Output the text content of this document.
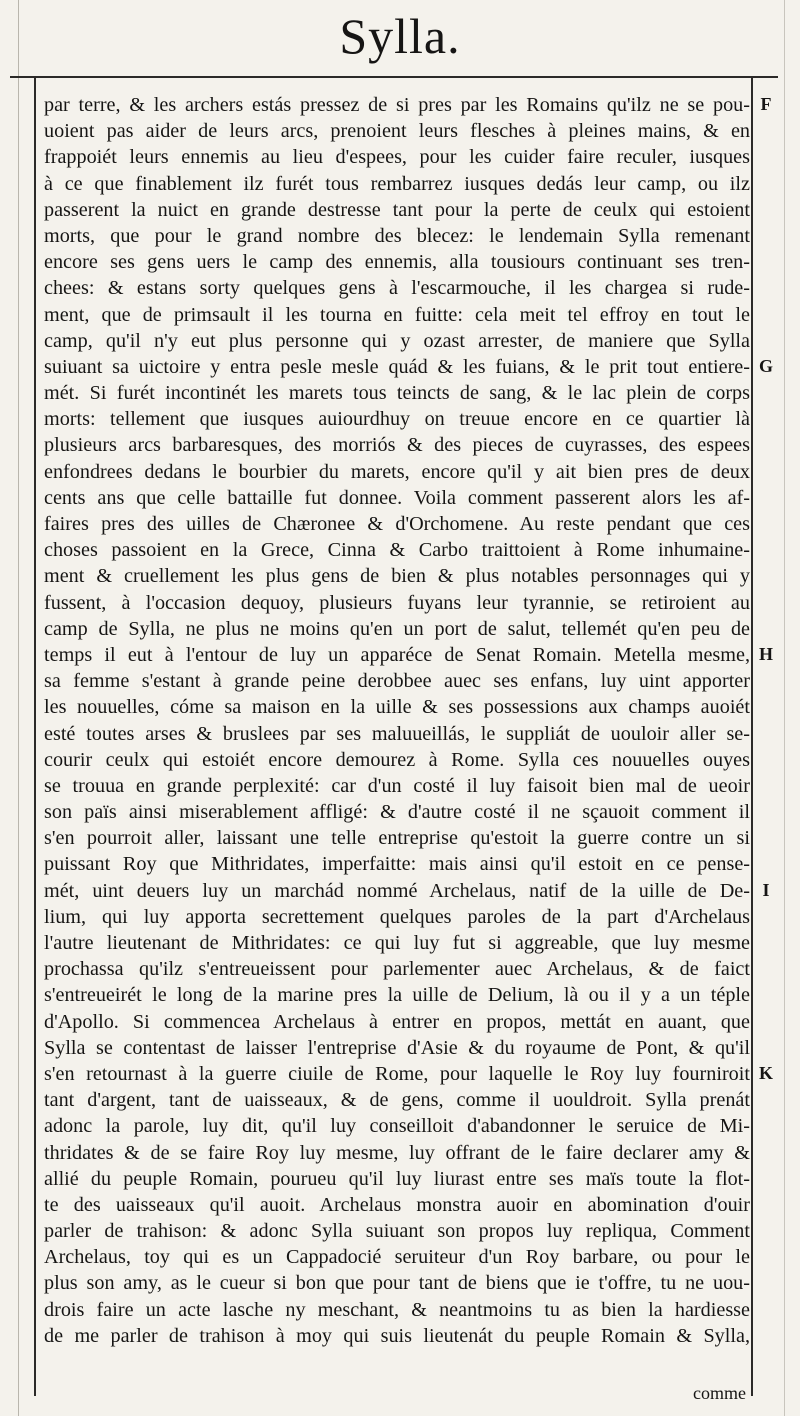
Sylla.
par terre, & les archers estás pressez de si pres par les Romains qu'ilz ne se pou-
uoient pas aider de leurs arcs, prenoient leurs flesches à pleines mains, & en
frappoiét leurs ennemis au lieu d'espees, pour les cuider faire reculer, iusques
à ce que finablement ilz furét tous rembarrez iusques dedás leur camp, ou ilz
passerent la nuict en grande destresse tant pour la perte de ceulx qui estoient
morts, que pour le grand nombre des blecez: le lendemain Sylla remenant
encore ses gens uers le camp des ennemis, alla tousiours continuant ses tren-
chees: & estans sorty quelques gens à l'escarmouche, il les chargea si rude-
ment, que de primsault il les tourna en fuitte: cela meit tel effroy en tout le
camp, qu'il n'y eut plus personne qui y ozast arrester, de maniere que Sylla
suiuant sa uictoire y entra pesle mesle quád & les fuians, & le prit tout entiere-
mét. Si furét incontinét les marets tous teincts de sang, & le lac plein de corps
morts: tellement que iusques auiourdhuy on treuue encore en ce quartier là
plusieurs arcs barbaresques, des morriós & des pieces de cuyrasses, des espees
enfondrees dedans le bourbier du marets, encore qu'il y ait bien pres de deux
cents ans que celle battaille fut donnee. Voila comment passerent alors les af-
faires pres des uilles de Chæronee & d'Orchomene. Au reste pendant que ces
choses passoient en la Grece, Cinna & Carbo traittoient à Rome inhumaine-
ment & cruellement les plus gens de bien & plus notables personnages qui y
fussent, à l'occasion dequoy, plusieurs fuyans leur tyrannie, se retiroient au
camp de Sylla, ne plus ne moins qu'en un port de salut, tellemét qu'en peu de
temps il eut à l'entour de luy un apparéce de Senat Romain. Metella mesme,
sa femme s'estant à grande peine derobbee auec ses enfans, luy uint apporter
les nouuelles, cóme sa maison en la uille & ses possessions aux champs auoiét
esté toutes arses & bruslees par ses maluueillás, le suppliát de uouloir aller se-
courir ceulx qui estoiét encore demourez à Rome. Sylla ces nouuelles ouyes
se trouua en grande perplexité: car d'un costé il luy faisoit bien mal de ueoir
son païs ainsi miserablement affligé: & d'autre costé il ne sçauoit comment il
s'en pourroit aller, laissant une telle entreprise qu'estoit la guerre contre un si
puissant Roy que Mithridates, imperfaitte: mais ainsi qu'il estoit en ce pense-
mét, uint deuers luy un marchád nommé Archelaus, natif de la uille de De-
lium, qui luy apporta secrettement quelques paroles de la part d'Archelaus
l'autre lieutenant de Mithridates: ce qui luy fut si aggreable, que luy mesme
prochassa qu'ilz s'entreueissent pour parlementer auec Archelaus, & de faict
s'entreueirét le long de la marine pres la uille de Delium, là ou il y a un téple
d'Apollo. Si commencea Archelaus à entrer en propos, mettát en auant, que
Sylla se contentast de laisser l'entreprise d'Asie & du royaume de Pont, & qu'il
s'en retournast à la guerre ciuile de Rome, pour laquelle le Roy luy fourniroit
tant d'argent, tant de uaisseaux, & de gens, comme il uouldroit. Sylla prenát
adonc la parole, luy dit, qu'il luy conseilloit d'abandonner le seruice de Mi-
thridates & de se faire Roy luy mesme, luy offrant de le faire declarer amy &
allié du peuple Romain, pourueu qu'il luy liurast entre ses maïs toute la flot-
te des uaisseaux qu'il auoit. Archelaus monstra auoir en abomination d'ouir
parler de trahison: & adonc Sylla suiuant son propos luy repliqua, Comment
Archelaus, toy qui es un Cappadocié seruiteur d'un Roy barbare, ou pour le
plus son amy, as le cueur si bon que pour tant de biens que ie t'offre, tu ne uou-
drois faire un acte lasche ny meschant, & neantmoins tu as bien la hardiesse
de me parler de trahison à moy qui suis lieutenát du peuple Romain & Sylla,
F
G
H
I
K
comme
